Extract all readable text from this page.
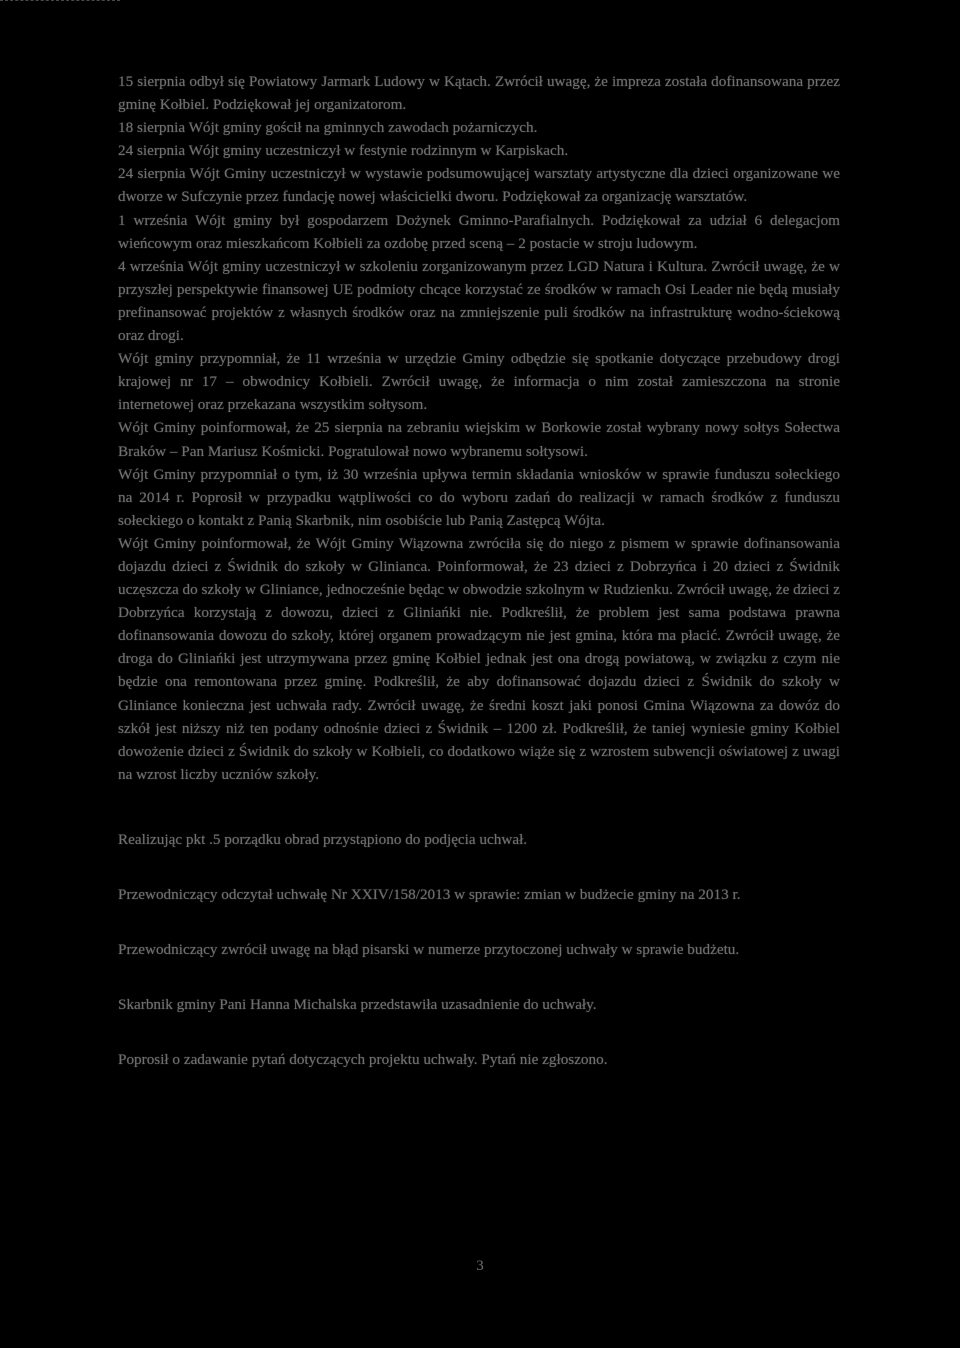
15 sierpnia odbył się Powiatowy Jarmark Ludowy w Kątach. Zwrócił uwagę, że impreza została dofinansowana przez gminę Kołbiel. Podziękował jej organizatorom.

18 sierpnia Wójt gminy gościł na gminnych zawodach pożarniczych.

24 sierpnia Wójt gminy uczestniczył w festynie rodzinnym w Karpiskach.

24 sierpnia Wójt Gminy uczestniczył w wystawie podsumowującej warsztaty artystyczne dla dzieci organizowane we dworze w Sufczynie przez fundację nowej właścicielki dworu. Podziękował za organizację warsztatów.

1 września Wójt gminy był gospodarzem Dożynek Gminno-Parafialnych. Podziękował za udział 6 delegacjom wieńcowym oraz mieszkańcom Kołbieli za ozdobę przed sceną – 2 postacie w stroju ludowym.

4 września Wójt gminy uczestniczył w szkoleniu zorganizowanym przez LGD Natura i Kultura. Zwrócił uwagę, że w przyszłej perspektywie finansowej UE podmioty chcące korzystać ze środków w ramach Osi Leader nie będą musiały prefinansować projektów z własnych środków oraz na zmniejszenie puli środków na infrastrukturę wodno-ściekową oraz drogi.

Wójt gminy przypomniał, że 11 września w urzędzie Gminy odbędzie się spotkanie dotyczące przebudowy drogi krajowej nr 17 – obwodnicy Kołbieli. Zwrócił uwagę, że informacja o nim został zamieszczona na stronie internetowej oraz przekazana wszystkim sołtysom.

Wójt Gminy poinformował, że 25 sierpnia na zebraniu wiejskim w Borkowie został wybrany nowy sołtys Sołectwa Braków – Pan Mariusz Kośmicki. Pogratulował nowo wybranemu sołtysowi.

Wójt Gminy przypomniał o tym, iż 30 września upływa termin składania wniosków w sprawie funduszu sołeckiego na 2014 r. Poprosił w przypadku wątpliwości co do wyboru zadań do realizacji w ramach środków z funduszu sołeckiego o kontakt z Panią Skarbnik, nim osobiście lub Panią Zastępcą Wójta.

Wójt Gminy poinformował, że Wójt Gminy Wiązowna zwróciła się do niego z pismem w sprawie dofinansowania dojazdu dzieci z Świdnik do szkoły w Glinianca. Poinformował, że 23 dzieci z Dobrzyńca i 20 dzieci z Świdnik uczęszcza do szkoły w Gliniance, jednocześnie będąc w obwodzie szkolnym w Rudzienku. Zwrócił uwagę, że dzieci z Dobrzyńca korzystają z dowozu, dzieci z Gliniańki nie. Podkreślił, że problem jest sama podstawa prawna dofinansowania dowozu do szkoły, której organem prowadzącym nie jest gmina, która ma płacić. Zwrócił uwagę, że droga do Gliniańki jest utrzymywana przez gminę Kołbiel jednak jest ona drogą powiatową, w związku z czym nie będzie ona remontowana przez gminę. Podkreślił, że aby dofinansować dojazdu dzieci z Świdnik do szkoły w Gliniance konieczna jest uchwała rady. Zwrócił uwagę, że średni koszt jaki ponosi Gmina Wiązowna za dowóz do szkół jest niższy niż ten podany odnośnie dzieci z Świdnik – 1200 zł. Podkreślił, że taniej wyniesie gminy Kołbiel dowożenie dzieci z Świdnik do szkoły w Kołbieli, co dodatkowo wiąże się z wzrostem subwencji oświatowej z uwagi na wzrost liczby uczniów szkoły.

Realizując pkt .5 porządku obrad przystąpiono do podjęcia uchwał.

Przewodniczący odczytał uchwałę Nr XXIV/158/2013 w sprawie: zmian w budżecie gminy na 2013 r.

Przewodniczący zwrócił uwagę na błąd pisarski w numerze przytoczonej uchwały w sprawie budżetu.

Skarbnik gminy Pani Hanna Michalska przedstawiła uzasadnienie do uchwały.

Poprosił o zadawanie pytań dotyczących projektu uchwały. Pytań nie zgłoszono.

3
